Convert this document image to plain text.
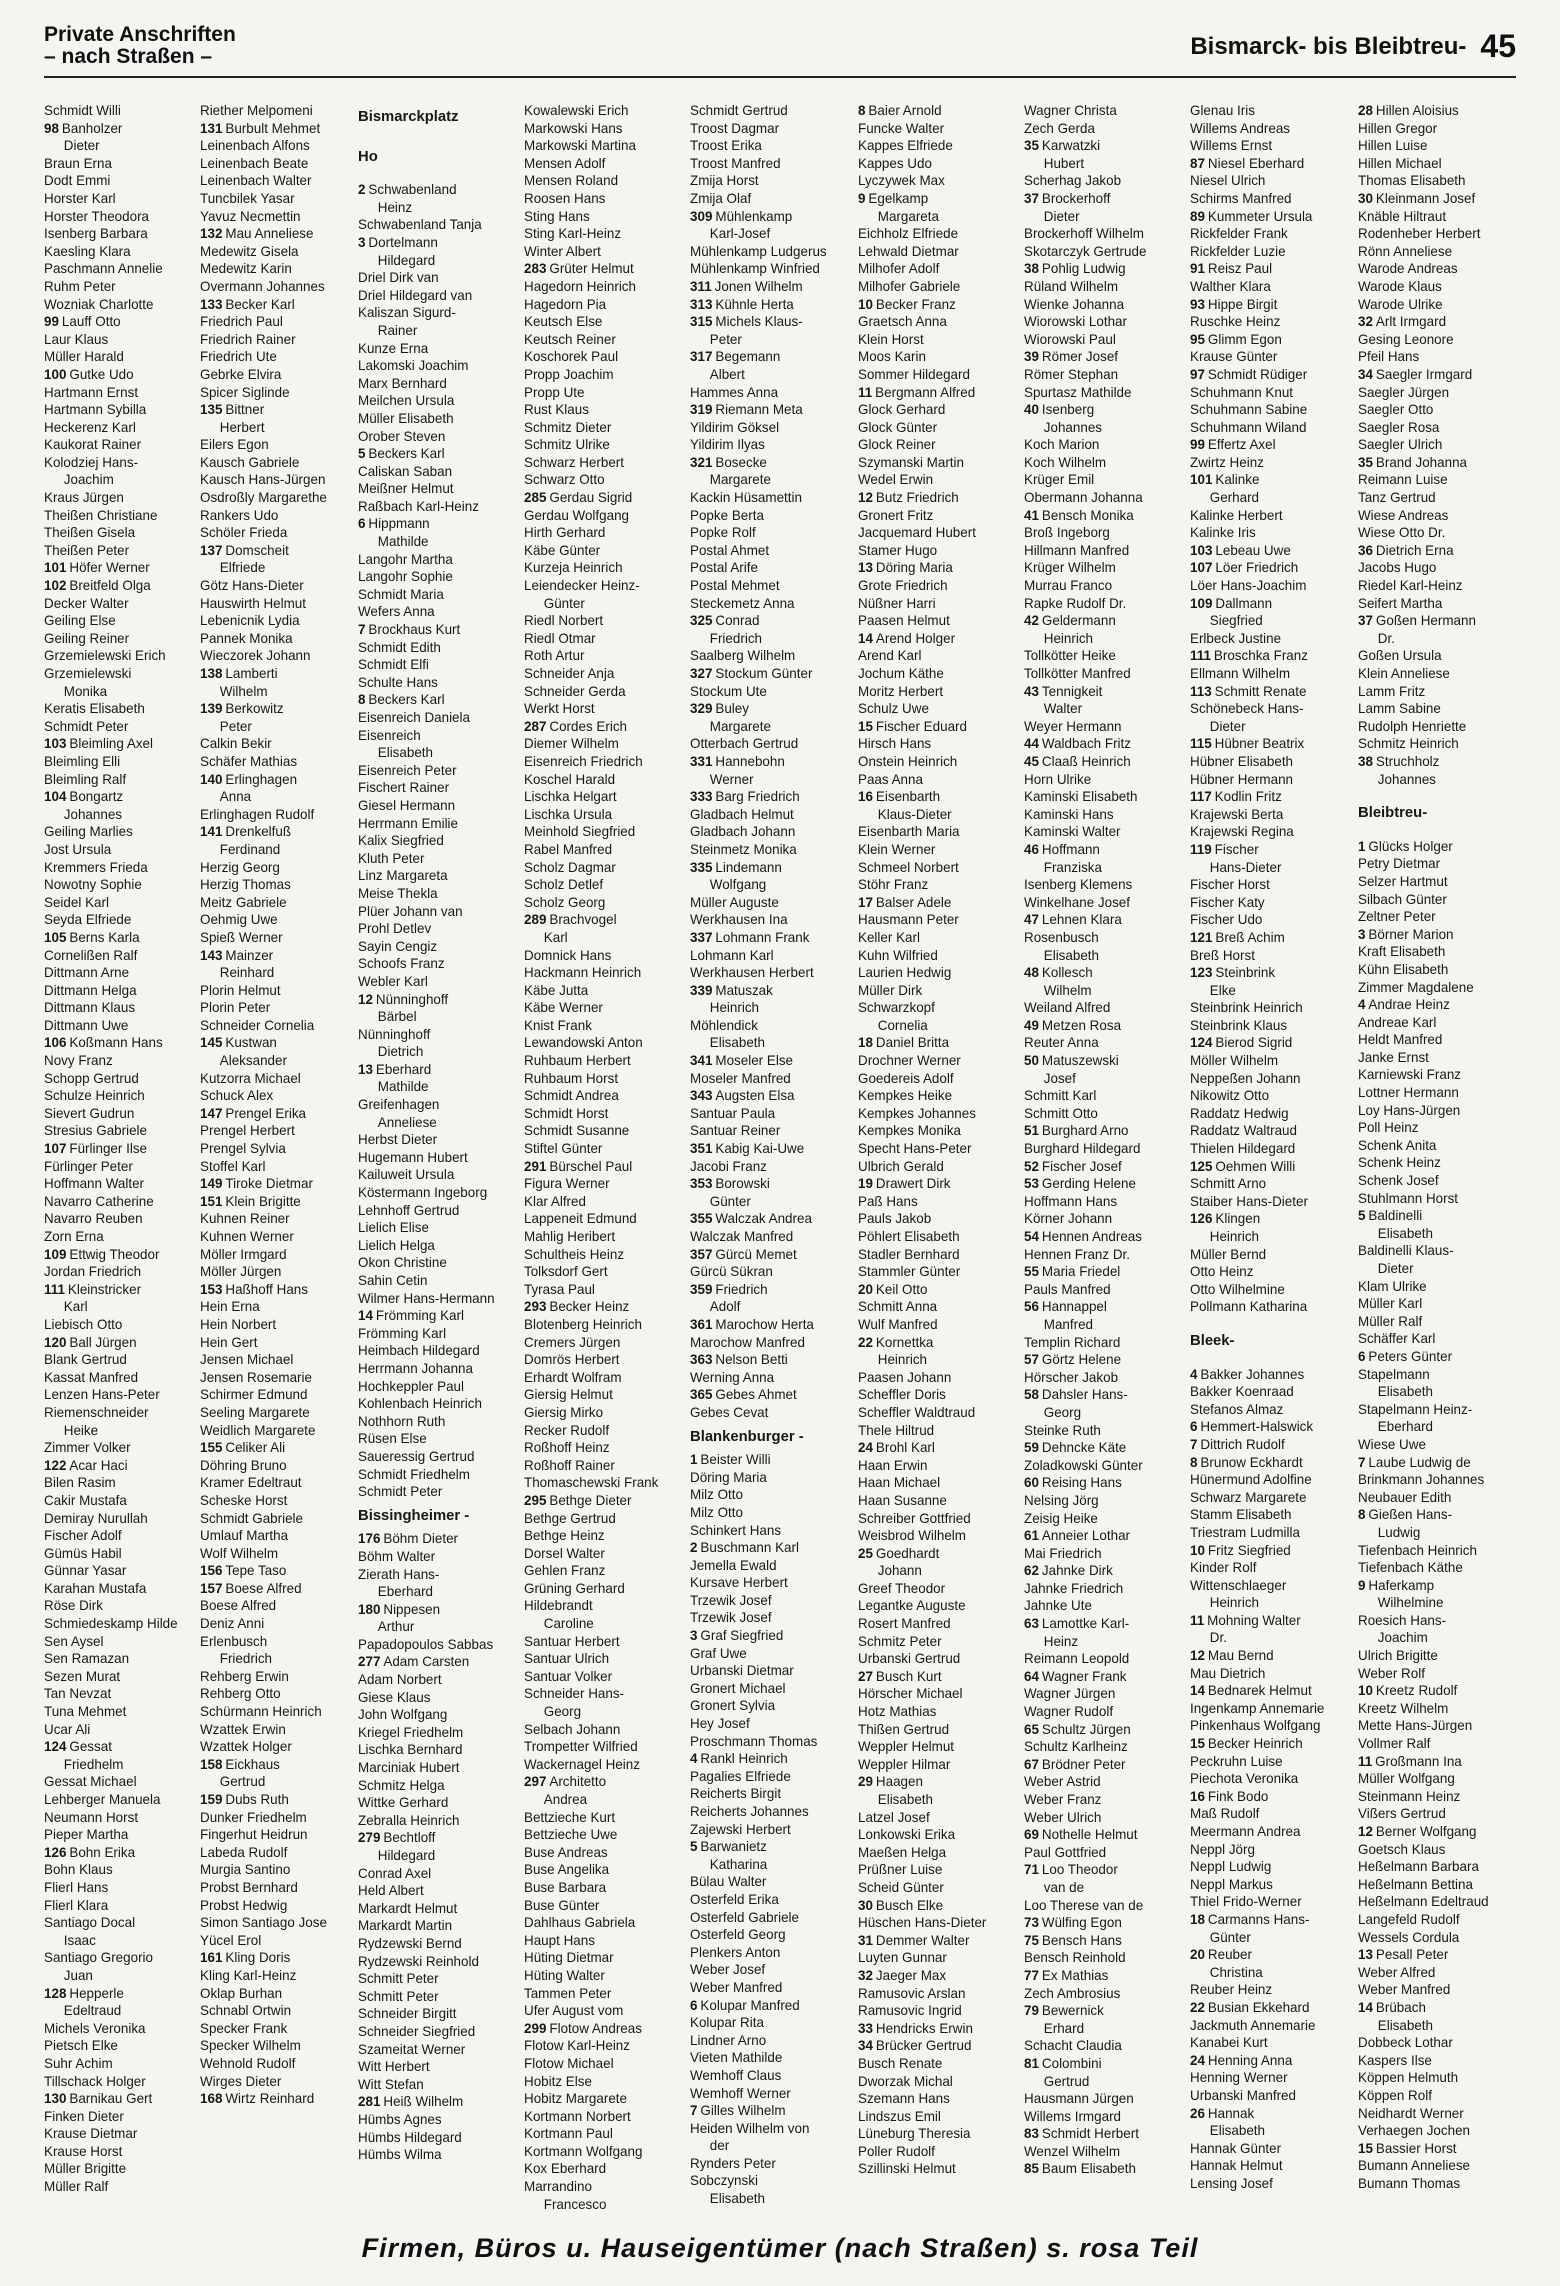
Private Anschriften
– nach Straßen –	Bismarck- bis Bleibtreu- 45
Schmidt Willi
98 Banholzer
Dieter
Braun Erna
Dodt Emmi
Horster Karl
Horster Theodora
Isenberg Barbara
Kaesling Klara
Paschmann Annelie
Ruhm Peter
Wozniak Charlotte
99 Lauff Otto
Laur Klaus
Müller Harald
100 Gutke Udo
Hartmann Ernst
Hartmann Sybilla
Heckerenz Karl
Kaukorat Rainer
Kolodziej Hans-
Joachim
Kraus Jürgen
Theißen Christiane
Theißen Gisela
Theißen Peter
101 Höfer Werner
102 Breitfeld Olga
Decker Walter
Geiling Else
Geiling Reiner
Grzemielewski Erich
Grzemielewski
Monika
Keratis Elisabeth
Schmidt Peter
103 Bleimling Axel
Bleimling Elli
Bleimling Ralf
104 Bongartz
Johannes
Geiling Marlies
Jost Ursula
Kremmers Frieda
Nowotny Sophie
Seidel Karl
Seyda Elfriede
105 Berns Karla
Cornelißen Ralf
Dittmann Arne
Dittmann Helga
Dittmann Klaus
Dittmann Uwe
106 Koßmann Hans
Novy Franz
Schopp Gertrud
Schulze Heinrich
Sievert Gudrun
Stresius Gabriele
107 Fürlinger Ilse
Fürlinger Peter
Hoffmann Walter
Navarro Catherine
Navarro Reuben
Zorn Erna
109 Ettwig Theodor
Jordan Friedrich
111 Kleinstricker
Karl
Liebisch Otto
120 Ball Jürgen
Blank Gertrud
Kassat Manfred
Lenzen Hans-Peter
Riemenschneider
Heike
Zimmer Volker
122 Acar Haci
Bilen Rasim
Cakir Mustafa
Demiray Nurullah
Fischer Adolf
Gümüs Habil
Günnar Yasar
Karahan Mustafa
Röse Dirk
Schmiedeskamp Hilde
Sen Aysel
Sen Ramazan
Sezen Murat
Tan Nevzat
Tuna Mehmet
Ucar Ali
124 Gessat
Friedhelm
Gessat Michael
Lehberger Manuela
Neumann Horst
Pieper Martha
126 Bohn Erika
Bohn Klaus
Flierl Hans
Flierl Klara
Santiago Docal
Isaac
Santiago Gregorio
Juan
128 Hepperle
Edeltraud
Michels Veronika
Pietsch Elke
Suhr Achim
Tillschack Holger
130 Barnikau Gert
Finken Dieter
Krause Dietmar
Krause Horst
Müller Brigitte
Müller Ralf
Riether Melpomeni
131 Burbult Mehmet
Leinenbach Alfons
Leinenbach Beate
Leinenbach Walter
Tuncbilek Yasar
Yavuz Necmettin
132 Mau Anneliese
Medewitz Gisela
Medewitz Karin
Overmann Johannes
133 Becker Karl
Friedrich Paul
Friedrich Rainer
Friedrich Ute
Gebrke Elvira
Spicer Siglinde
135 Bittner
Herbert
Eilers Egon
Kausch Gabriele
Kausch Hans-Jürgen
Osdroßly Margarethe
Rankers Udo
Schöler Frieda
137 Domscheit
Elfriede
Götz Hans-Dieter
Hauswirth Helmut
Lebenicnik Lydia
Pannek Monika
Wieczorek Johann
138 Lamberti
Wilhelm
139 Berkowitz
Peter
Calkin Bekir
Schäfer Mathias
140 Erlinghagen
Anna
Erlinghagen Rudolf
141 Drenkelfuß
Ferdinand
Herzig Georg
Herzig Thomas
Meitz Gabriele
Oehmig Uwe
Spieß Werner
143 Mainzer
Reinhard
Plorin Helmut
Plorin Peter
Schneider Cornelia
145 Kustwan
Aleksander
Kutzorra Michael
Schuck Alex
147 Prengel Erika
Prengel Herbert
Prengel Sylvia
Stoffel Karl
149 Tiroke Dietmar
151 Klein Brigitte
Kuhnen Reiner
Kuhnen Werner
Möller Irmgard
Möller Jürgen
153 Haßhoff Hans
Hein Erna
Hein Norbert
Hein Gert
Jensen Michael
Jensen Rosemarie
Schirmer Edmund
Seeling Margarete
Weidlich Margarete
155 Celiker Ali
Döhring Bruno
Kramer Edeltraut
Scheske Horst
Schmidt Gabriele
Umlauf Martha
Wolf Wilhelm
156 Tepe Taso
157 Boese Alfred
Boese Alfred
Deniz Anni
Erlenbusch
Friedrich
Rehberg Erwin
Rehberg Otto
Schürmann Heinrich
Wzattek Erwin
Wzattek Holger
158 Eickhaus
Gertrud
159 Dubs Ruth
Dunker Friedhelm
Fingerhut Heidrun
Labeda Rudolf
Murgia Santino
Probst Bernhard
Probst Hedwig
Simon Santiago Jose
Yücel Erol
161 Kling Doris
Kling Karl-Heinz
Oklap Burhan
Schnabl Ortwin
Specker Frank
Specker Wilhelm
Wehnold Rudolf
Wirges Dieter
168 Wirtz Reinhard
Bismarckplatz
Ho
2 Schwabenland
Heinz
Schwabenland Tanja
3 Dortelmann
Hildegard
Driel Dirk van
Driel Hildegard van
Kaliszan Sigurd-
Rainer
Kunze Erna
Lakomski Joachim
Marx Bernhard
Meilchen Ursula
Müller Elisabeth
Orober Steven
5 Beckers Karl
Caliskan Saban
Meißner Helmut
Raßbach Karl-Heinz
6 Hippmann
Mathilde
Langohr Martha
Langohr Sophie
Schmidt Maria
Wefers Anna
7 Brockhaus Kurt
Schmidt Edith
Schmidt Elfi
Schulte Hans
8 Beckers Karl
Eisenreich Daniela
Eisenreich
Elisabeth
Eisenreich Peter
Fischert Rainer
Giesel Hermann
Herrmann Emilie
Kalix Siegfried
Kluth Peter
Linz Margareta
Meise Thekla
Plüer Johann van
Prohl Detlev
Sayin Cengiz
Schoofs Franz
Webler Karl
12 Nünninghoff
Bärbel
Nünninghoff
Dietrich
13 Eberhard
Mathilde
Greifenhagen
Anneliese
Herbst Dieter
Hugemann Hubert
Kailuweit Ursula
Köstermann Ingeborg
Lehnhoff Gertrud
Lielich Elise
Lielich Helga
Okon Christine
Sahin Cetin
Wilmer Hans-Hermann
14 Frömming Karl
Frömming Karl
Heimbach Hildegard
Herrmann Johanna
Hochkeppler Paul
Kohlenbach Heinrich
Nothhorn Ruth
Rüsen Else
Saueressig Gertrud
Schmidt Friedhelm
Schmidt Peter
Bissingheimer -
176 Böhm Dieter
Böhm Walter
Zierath Hans-
Eberhard
180 Nippesen
Arthur
Papadopoulos Sabbas
277 Adam Carsten
Adam Norbert
Giese Klaus
John Wolfgang
Kriegel Friedhelm
Lischka Bernhard
Marciniak Hubert
Schmitz Helga
Wittke Gerhard
Zebralla Heinrich
279 Bechtloff
Hildegard
Conrad Axel
Held Albert
Markardt Helmut
Markardt Martin
Rydzewski Bernd
Rydzewski Reinhold
Schmitt Peter
Schmitt Peter
Schneider Birgitt
Schneider Siegfried
Szameitat Werner
Witt Herbert
Witt Stefan
281 Heiß Wilhelm
Hümbs Agnes
Hümbs Hildegard
Hümbs Wilma
Kowalewski Erich
Markowski Hans
Markowski Martina
Mensen Adolf
Mensen Roland
Roosen Hans
Sting Hans
Sting Karl-Heinz
Winter Albert
283 Grüter Helmut
Hagedorn Heinrich
Hagedorn Pia
Keutsch Else
Keutsch Reiner
Koschorek Paul
Propp Joachim
Propp Ute
Rust Klaus
Schmitz Dieter
Schmitz Ulrike
Schwarz Herbert
Schwarz Otto
285 Gerdau Sigrid
Gerdau Wolfgang
Hirth Gerhard
Käbe Günter
Kurzeja Heinrich
Leiendecker Heinz-
Günter
Riedl Norbert
Riedl Otmar
Roth Artur
Schneider Anja
Schneider Gerda
Werkt Horst
287 Cordes Erich
Diemer Wilhelm
Eisenreich Friedrich
Koschel Harald
Lischka Helgart
Lischka Ursula
Meinhold Siegfried
Rabel Manfred
Scholz Dagmar
Scholz Detlef
Scholz Georg
289 Brachvogel
Karl
Domnick Hans
Hackmann Heinrich
Käbe Jutta
Käbe Werner
Knist Frank
Lewandowski Anton
Ruhbaum Herbert
Ruhbaum Horst
Schmidt Andrea
Schmidt Horst
Schmidt Susanne
Stiftel Günter
291 Bürschel Paul
Figura Werner
Klar Alfred
Lappeneit Edmund
Mahlig Heribert
Schultheis Heinz
Tolksdorf Gert
Tyrasa Paul
293 Becker Heinz
Blotenberg Heinrich
Cremers Jürgen
Domrös Herbert
Erhardt Wolfram
Giersig Helmut
Giersig Mirko
Recker Rudolf
Roßhoff Heinz
Roßhoff Rainer
Thomaschewski Frank
295 Bethge Dieter
Bethge Gertrud
Bethge Heinz
Dorsel Walter
Gehlen Franz
Grüning Gerhard
Hildebrandt
Caroline
Santuar Herbert
Santuar Ulrich
Santuar Volker
Schneider Hans-
Georg
Selbach Johann
Trompetter Wilfried
Wackernagel Heinz
297 Architetto
Andrea
Bettzieche Kurt
Bettzieche Uwe
Buse Andreas
Buse Angelika
Buse Barbara
Buse Günter
Dahlhaus Gabriela
Haupt Hans
Hüting Dietmar
Hüting Walter
Tammen Peter
Ufer August vom
299 Flotow Andreas
Flotow Karl-Heinz
Flotow Michael
Hobitz Else
Hobitz Margarete
Kortmann Norbert
Kortmann Paul
Kortmann Wolfgang
Kox Eberhard
Marrandino
Francesco
Schmidt Gertrud
Troost Dagmar
Troost Erika
Troost Manfred
Zmija Horst
Zmija Olaf
309 Mühlenkamp
Karl-Josef
Mühlenkamp Ludgerus
Mühlenkamp Winfried
311 Jonen Wilhelm
313 Kühnle Herta
315 Michels Klaus-
Peter
317 Begemann
Albert
Hammes Anna
319 Riemann Meta
Yildirim Göksel
Yildirim Ilyas
321 Bosecke
Margarete
Kackin Hüsamettin
Popke Berta
Popke Rolf
Postal Ahmet
Postal Arife
Postal Mehmet
Steckemetz Anna
325 Conrad
Friedrich
Saalberg Wilhelm
327 Stockum Günter
Stockum Ute
329 Buley
Margarete
Otterbach Gertrud
331 Hannebohn
Werner
333 Barg Friedrich
Gladbach Helmut
Gladbach Johann
Steinmetz Monika
335 Lindemann
Wolfgang
Müller Auguste
Werkhausen Ina
337 Lohmann Frank
Lohmann Karl
Werkhausen Herbert
339 Matuszak
Heinrich
Möhlendick
Elisabeth
341 Moseler Else
Moseler Manfred
343 Augsten Elsa
Santuar Paula
Santuar Reiner
351 Kabig Kai-Uwe
Jacobi Franz
353 Borowski
Günter
355 Walczak Andrea
Walczak Manfred
357 Gürcü Memet
Gürcü Sükran
359 Friedrich
Adolf
361 Marochow Herta
Marochow Manfred
363 Nelson Betti
Werning Anna
365 Gebes Ahmet
Gebes Cevat
Blankenburger -
1 Beister Willi
Döring Maria
Milz Otto
Milz Otto
Schinkert Hans
2 Buschmann Karl
Jemella Ewald
Kursave Herbert
Trzewik Josef
Trzewik Josef
3 Graf Siegfried
Graf Uwe
Urbanski Dietmar
Gronert Michael
Gronert Sylvia
Hey Josef
Proschmann Thomas
4 Rankl Heinrich
Pagalies Elfriede
Reicherts Birgit
Reicherts Johannes
Zajewski Herbert
5 Barwanietz
Katharina
Bülau Walter
Osterfeld Erika
Osterfeld Gabriele
Osterfeld Georg
Plenkers Anton
Weber Josef
Weber Manfred
6 Kolupar Manfred
Kolupar Rita
Lindner Arno
Vieten Mathilde
Wemhoff Claus
Wemhoff Werner
7 Gilles Wilhelm
Heiden Wilhelm von
der
Rynders Peter
Sobczynski
Elisabeth
8 Baier Arnold
Funcke Walter
Kappes Elfriede
Kappes Udo
Lyczywek Max
9 Egelkamp
Margareta
Eichholz Elfriede
Lehwald Dietmar
Milhofer Adolf
Milhofer Gabriele
10 Becker Franz
Graetsch Anna
Klein Horst
Moos Karin
Sommer Hildegard
11 Bergmann Alfred
Glock Gerhard
Glock Günter
Glock Reiner
Szymanski Martin
Wedel Erwin
12 Butz Friedrich
Gronert Fritz
Jacquemard Hubert
Stamer Hugo
13 Döring Maria
Grote Friedrich
Nüßner Harri
Paasen Helmut
14 Arend Holger
Arend Karl
Jochum Käthe
Moritz Herbert
Schulz Uwe
15 Fischer Eduard
Hirsch Hans
Onstein Heinrich
Paas Anna
16 Eisenbarth
Klaus-Dieter
Eisenbarth Maria
Klein Werner
Schmeel Norbert
Stöhr Franz
17 Balser Adele
Hausmann Peter
Keller Karl
Kuhn Wilfried
Laurien Hedwig
Müller Dirk
Schwarzkopf
Cornelia
18 Daniel Britta
Drochner Werner
Goedereis Adolf
Kempkes Heike
Kempkes Johannes
Kempkes Monika
Specht Hans-Peter
Ulbrich Gerald
19 Drawert Dirk
Paß Hans
Pauls Jakob
Pöhlert Elisabeth
Stadler Bernhard
Stammler Günter
20 Keil Otto
Schmitt Anna
Wulf Manfred
22 Kornettka
Heinrich
Paasen Johann
Scheffler Doris
Scheffler Waldtraud
Thele Hiltrud
24 Brohl Karl
Haan Erwin
Haan Michael
Haan Susanne
Schreiber Gottfried
Weisbrod Wilhelm
25 Goedhardt
Johann
Greef Theodor
Legantke Auguste
Rosert Manfred
Schmitz Peter
Urbanski Gertrud
27 Busch Kurt
Hörscher Michael
Hotz Mathias
Thißen Gertrud
Weppler Helmut
Weppler Hilmar
29 Haagen
Elisabeth
Latzel Josef
Lonkowski Erika
Maeßen Helga
Prüßner Luise
Scheid Günter
30 Busch Elke
Hüschen Hans-Dieter
31 Demmer Walter
Luyten Gunnar
32 Jaeger Max
Ramusovic Arslan
Ramusovic Ingrid
33 Hendricks Erwin
34 Brücker Gertrud
Busch Renate
Dworzak Michal
Szemann Hans
Lindszus Emil
Lüneburg Theresia
Poller Rudolf
Szillinski Helmut
Wagner Christa
Zech Gerda
35 Karwatzki
Hubert
Scherhag Jakob
37 Brockerhoff
Dieter
Brockerhoff Wilhelm
Skotarczyk Gertrude
38 Pohlig Ludwig
Rüland Wilhelm
Wienke Johanna
Wiorowski Lothar
Wiorowski Paul
39 Römer Josef
Römer Stephan
Spurtasz Mathilde
40 Isenberg
Johannes
Koch Marion
Koch Wilhelm
Krüger Emil
Obermann Johanna
41 Bensch Monika
Broß Ingeborg
Hillmann Manfred
Krüger Wilhelm
Murrau Franco
Rapke Rudolf Dr.
42 Geldermann
Heinrich
Tollkötter Heike
Tollkötter Manfred
43 Tennigkeit
Walter
Weyer Hermann
44 Waldbach Fritz
45 Claaß Heinrich
Horn Ulrike
Kaminski Elisabeth
Kaminski Hans
Kaminski Walter
46 Hoffmann
Franziska
Isenberg Klemens
Winkelhane Josef
47 Lehnen Klara
Rosenbusch
Elisabeth
48 Kollesch
Wilhelm
Weiland Alfred
49 Metzen Rosa
Reuter Anna
50 Matuszewski
Josef
Schmitt Karl
Schmitt Otto
51 Burghard Arno
Burghard Hildegard
52 Fischer Josef
53 Gerding Helene
Hoffmann Hans
Körner Johann
54 Hennen Andreas
Hennen Franz Dr.
55 Maria Friedel
Pauls Manfred
56 Hannappel
Manfred
Templin Richard
57 Görtz Helene
Hörscher Jakob
58 Dahsler Hans-
Georg
Steinke Ruth
59 Dehncke Käte
Zoladkowski Günter
60 Reising Hans
Nelsing Jörg
Zeisig Heike
61 Anneier Lothar
Mai Friedrich
62 Jahnke Dirk
Jahnke Friedrich
Jahnke Ute
63 Lamottke Karl-
Heinz
Reimann Leopold
64 Wagner Frank
Wagner Jürgen
Wagner Rudolf
65 Schultz Jürgen
Schultz Karlheinz
67 Brödner Peter
Weber Astrid
Weber Franz
Weber Ulrich
69 Nothelle Helmut
Paul Gottfried
71 Loo Theodor
van de
Loo Therese van de
73 Wülfing Egon
75 Bensch Hans
Bensch Reinhold
77 Ex Mathias
Zech Ambrosius
79 Bewernick
Erhard
Schacht Claudia
81 Colombini
Gertrud
Hausmann Jürgen
Willems Irmgard
83 Schmidt Herbert
Wenzel Wilhelm
85 Baum Elisabeth
Glenau Iris
Willems Andreas
Willems Ernst
87 Niesel Eberhard
Niesel Ulrich
Schirms Manfred
89 Kummeter Ursula
Rickfelder Frank
Rickfelder Luzie
91 Reisz Paul
Walther Klara
93 Hippe Birgit
Ruschke Heinz
95 Glimm Egon
Krause Günter
97 Schmidt Rüdiger
Schuhmann Knut
Schuhmann Sabine
Schuhmann Wiland
99 Effertz Axel
Zwirtz Heinz
101 Kalinke
Gerhard
Kalinke Herbert
Kalinke Iris
103 Lebeau Uwe
107 Löer Friedrich
Löer Hans-Joachim
109 Dallmann
Siegfried
Erlbeck Justine
111 Broschka Franz
Ellmann Wilhelm
113 Schmitt Renate
Schönebeck Hans-
Dieter
115 Hübner Beatrix
Hübner Elisabeth
Hübner Hermann
117 Kodlin Fritz
Krajewski Berta
Krajewski Regina
119 Fischer
Hans-Dieter
Fischer Horst
Fischer Katy
Fischer Udo
121 Breß Achim
Breß Horst
123 Steinbrink
Elke
Steinbrink Heinrich
Steinbrink Klaus
124 Bierod Sigrid
Möller Wilhelm
Neppeßen Johann
Nikowitz Otto
Raddatz Hedwig
Raddatz Waltraud
Thielen Hildegard
125 Oehmen Willi
Schmitt Arno
Staiber Hans-Dieter
126 Klingen
Heinrich
Müller Bernd
Otto Heinz
Otto Wilhelmine
Pollmann Katharina
Bleek-
4 Bakker Johannes
Bakker Koenraad
Stefanos Almaz
6 Hemmert-Halswick
7 Dittrich Rudolf
8 Brunow Eckhardt
Hünermund Adolfine
Schwarz Margarete
Stamm Elisabeth
Triestram Ludmilla
10 Fritz Siegfried
Kinder Rolf
Wittenschlaeger
Heinrich
11 Mohning Walter
Dr.
12 Mau Bernd
Mau Dietrich
14 Bednarek Helmut
Ingenkamp Annemarie
Pinkenhaus Wolfgang
15 Becker Heinrich
Peckruhn Luise
Piechota Veronika
16 Fink Bodo
Maß Rudolf
Meermann Andrea
Neppl Jörg
Neppl Ludwig
Neppl Markus
Thiel Frido-Werner
18 Carmanns Hans-
Günter
20 Reuber
Christina
Reuber Heinz
22 Busian Ekkehard
Jackmuth Annemarie
Kanabei Kurt
24 Henning Anna
Henning Werner
Urbanski Manfred
26 Hannak
Elisabeth
Hannak Günter
Hannak Helmut
Lensing Josef
28 Hillen Aloisius
Hillen Gregor
Hillen Luise
Hillen Michael
Thomas Elisabeth
30 Kleinmann Josef
Knäble Hiltraut
Rodenheber Herbert
Rönn Anneliese
Warode Andreas
Warode Klaus
Warode Ulrike
32 Arlt Irmgard
Gesing Leonore
Pfeil Hans
34 Saegler Irmgard
Saegler Jürgen
Saegler Otto
Saegler Rosa
Saegler Ulrich
35 Brand Johanna
Reimann Luise
Tanz Gertrud
Wiese Andreas
Wiese Otto Dr.
36 Dietrich Erna
Jacobs Hugo
Riedel Karl-Heinz
Seifert Martha
37 Goßen Hermann
Dr.
Goßen Ursula
Klein Anneliese
Lamm Fritz
Lamm Sabine
Rudolph Henriette
Schmitz Heinrich
38 Struchholz
Johannes
Bleibtreu-
1 Glücks Holger
Petry Dietmar
Selzer Hartmut
Silbach Günter
Zeltner Peter
3 Börner Marion
Kraft Elisabeth
Kühn Elisabeth
Zimmer Magdalene
4 Andrae Heinz
Andreae Karl
Heldt Manfred
Janke Ernst
Karniewski Franz
Lottner Hermann
Loy Hans-Jürgen
Poll Heinz
Schenk Anita
Schenk Heinz
Schenk Josef
Stuhlmann Horst
5 Baldinelli
Elisabeth
Baldinelli Klaus-
Dieter
Klam Ulrike
Müller Karl
Müller Ralf
Schäffer Karl
6 Peters Günter
Stapelmann
Elisabeth
Stapelmann Heinz-
Eberhard
Wiese Uwe
7 Laube Ludwig de
Brinkmann Johannes
Neubauer Edith
8 Gießen Hans-
Ludwig
Tiefenbach Heinrich
Tiefenbach Käthe
9 Haferkamp
Wilhelmine
Roesich Hans-
Joachim
Ulrich Brigitte
Weber Rolf
10 Kreetz Rudolf
Kreetz Wilhelm
Mette Hans-Jürgen
Vollmer Ralf
11 Großmann Ina
Müller Wolfgang
Steinmann Heinz
Vißers Gertrud
12 Berner Wolfgang
Goetsch Klaus
Heßelmann Barbara
Heßelmann Bettina
Heßelmann Edeltraud
Langefeld Rudolf
Wessels Cordula
13 Pesall Peter
Weber Alfred
Weber Manfred
14 Brübach
Elisabeth
Dobbeck Lothar
Kaspers Ilse
Köppen Helmuth
Köppen Rolf
Neidhardt Werner
Verhaegen Jochen
15 Bassier Horst
Bumann Anneliese
Bumann Thomas
Firmen, Büros u. Hauseigentümer (nach Straßen) s. rosa Teil
